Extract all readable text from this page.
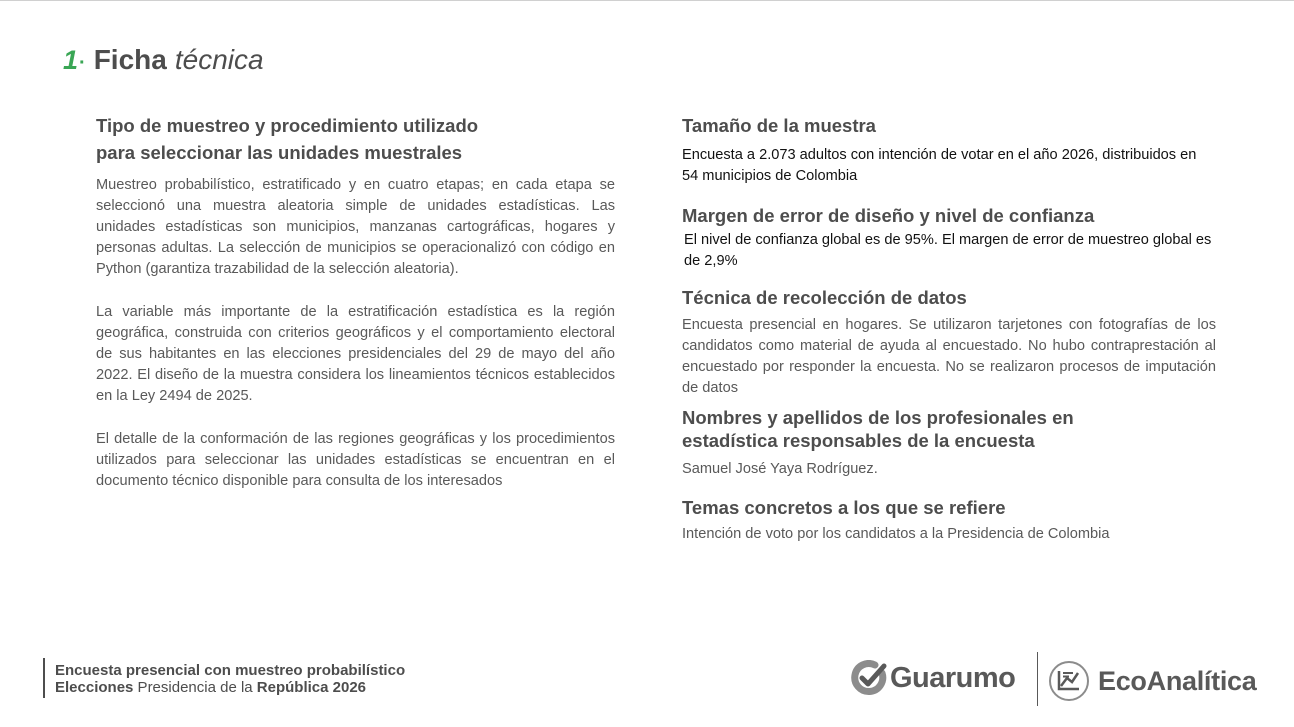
1 · Ficha técnica
Tipo de muestreo y procedimiento utilizado
para seleccionar las unidades muestrales

Muestreo probabilístico, estratificado y en cuatro etapas; en cada etapa se seleccionó una muestra aleatoria simple de unidades estadísticas. Las unidades estadísticas son municipios, manzanas cartográficas, hogares y personas adultas. La selección de municipios se operacionalizó con código en Python (garantiza trazabilidad de la selección aleatoria).

La variable más importante de la estratificación estadística es la región geográfica, construida con criterios geográficos y el comportamiento electoral de sus habitantes en las elecciones presidenciales del 29 de mayo del año 2022. El diseño de la muestra considera los lineamientos técnicos establecidos en la Ley 2494 de 2025.

El detalle de la conformación de las regiones geográficas y los procedimientos utilizados para seleccionar las unidades estadísticas se encuentran en el documento técnico disponible para consulta de los interesados

Tamaño de la muestra

Encuesta a 2.073 adultos con intención de votar en el año 2026, distribuidos en 54 municipios de Colombia

Margen de error de diseño y nivel de confianza

El nivel de confianza global es de 95%. El margen de error de muestreo global es de 2,9%

Técnica de recolección de datos

Encuesta presencial en hogares. Se utilizaron tarjetones con fotografías de los candidatos como material de ayuda al encuestado. No hubo contraprestación al encuestado por responder la encuesta. No se realizaron procesos de imputación de datos

Nombres y apellidos de los profesionales en
estadística responsables de la encuesta

Samuel José Yaya Rodríguez.

Temas concretos a los que se refiere

Intención de voto por los candidatos a la Presidencia de Colombia

Encuesta presencial con muestreo probabilístico
Elecciones Presidencia de la República 2026	Guarumo	EcoAnalítica
